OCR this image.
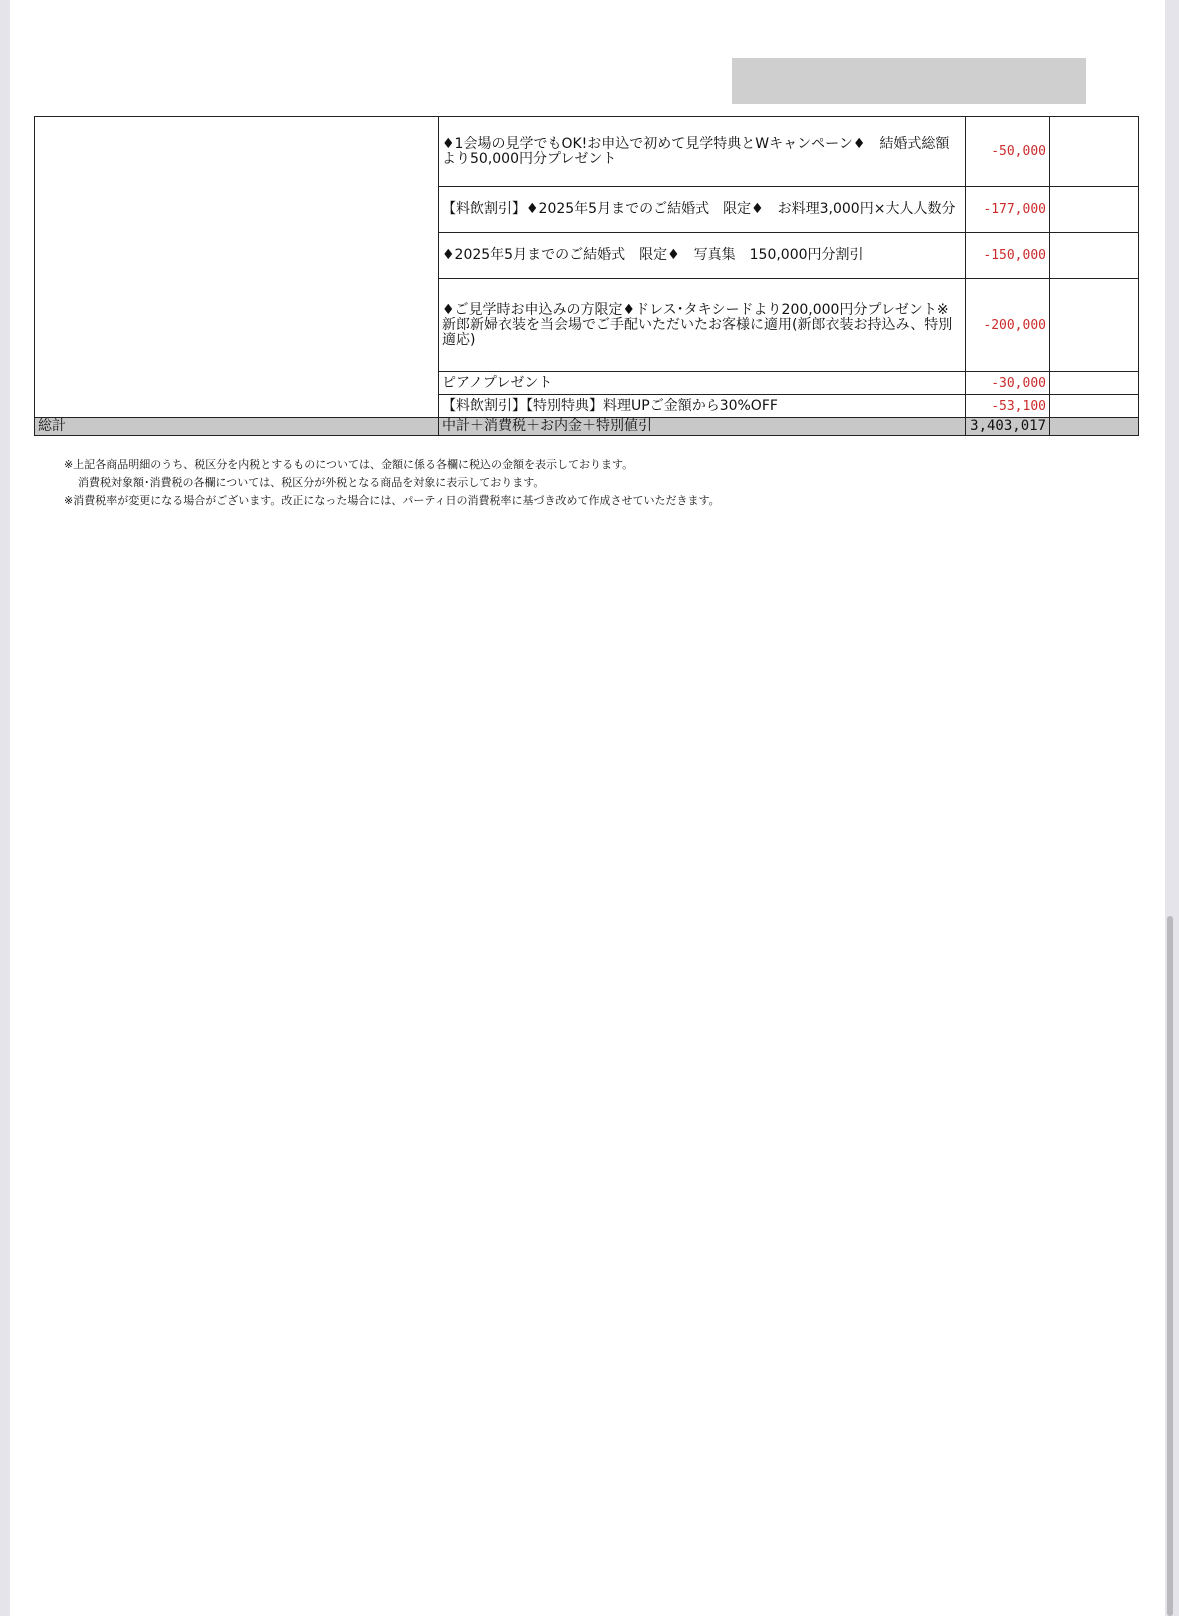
	♦1会場の見学でもOK!お申込で初めて見学特典とWキャンペーン♦　結婚式総額より50,000円分プレゼント	-50,000	
	【料飲割引】♦2025年5月までのご結婚式　限定♦　お料理3,000円×大人人数分	-177,000	
	♦2025年5月までのご結婚式　限定♦　写真集　150,000円分割引	-150,000	
	♦ご見学時お申込みの方限定♦ドレス･タキシードより200,000円分プレゼント※新郎新婦衣装を当会場でご手配いただいたお客様に適用(新郎衣装お持込み、特別適応)	-200,000	
	ピアノプレゼント	-30,000	
	【料飲割引】【特別特典】料理UPご金額から30%OFF	-53,100	
総計	中計＋消費税＋お内金＋特別値引	3,403,017	
※上記各商品明細のうち、税区分を内税とするものについては、金額に係る各欄に税込の金額を表示しております。
消費税対象額･消費税の各欄については、税区分が外税となる商品を対象に表示しております。
※消費税率が変更になる場合がございます。改正になった場合には、パーティ日の消費税率に基づき改めて作成させていただきます。
